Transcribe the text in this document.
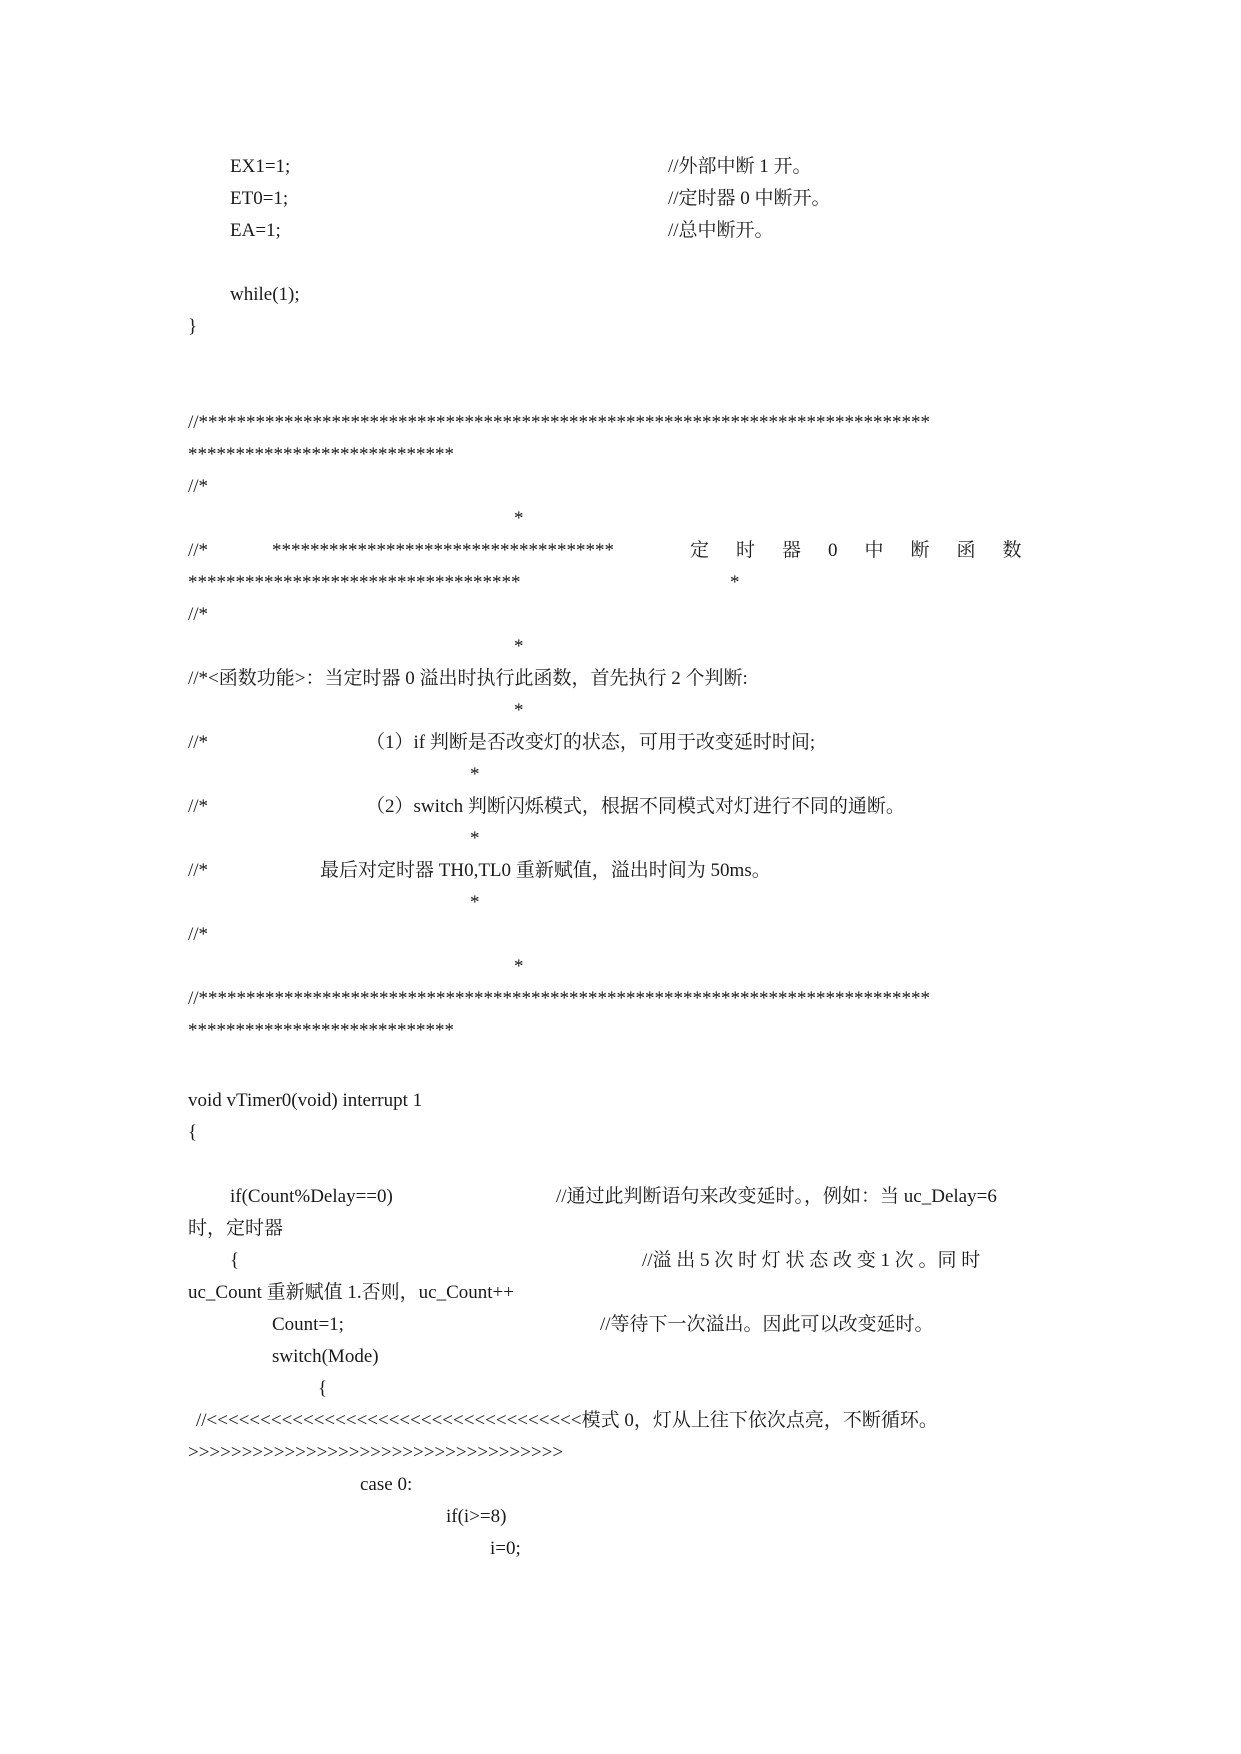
EX1=1;	//外部中断 1 开。
ET0=1;	//定时器 0 中断开。
EA=1;	//总中断开。
while(1);
}
//*****************************************************************************
****************************
//*
*
//*	************************************	定　时　器　0　中　断　函　数
***********************************	*
//*
*
//*<函数功能>：当定时器 0 溢出时执行此函数，首先执行 2 个判断:
*
//*	（1）if 判断是否改变灯的状态，可用于改变延时时间;
*
//*	（2）switch 判断闪烁模式，根据不同模式对灯进行不同的通断。
*
//*	最后对定时器 TH0,TL0 重新赋值，溢出时间为 50ms。
*
//*
*
//*****************************************************************************
****************************
void vTimer0(void) interrupt 1
{
if(Count%Delay==0)	//通过此判断语句来改变延时。，例如：当 uc_Delay=6
时，定时器
{	//溢 出 5 次 时 灯 状 态 改 变 1 次 。同 时
uc_Count 重新赋值 1.否则，uc_Count++
Count=1;	//等待下一次溢出。因此可以改变延时。
switch(Mode)
{
//<<<<<<<<<<<<<<<<<<<<<<<<<<<<<<<<<<<模式 0，灯从上往下依次点亮，不断循环。
>>>>>>>>>>>>>>>>>>>>>>>>>>>>>>>>>>>
case 0:
if(i>=8)
i=0;
